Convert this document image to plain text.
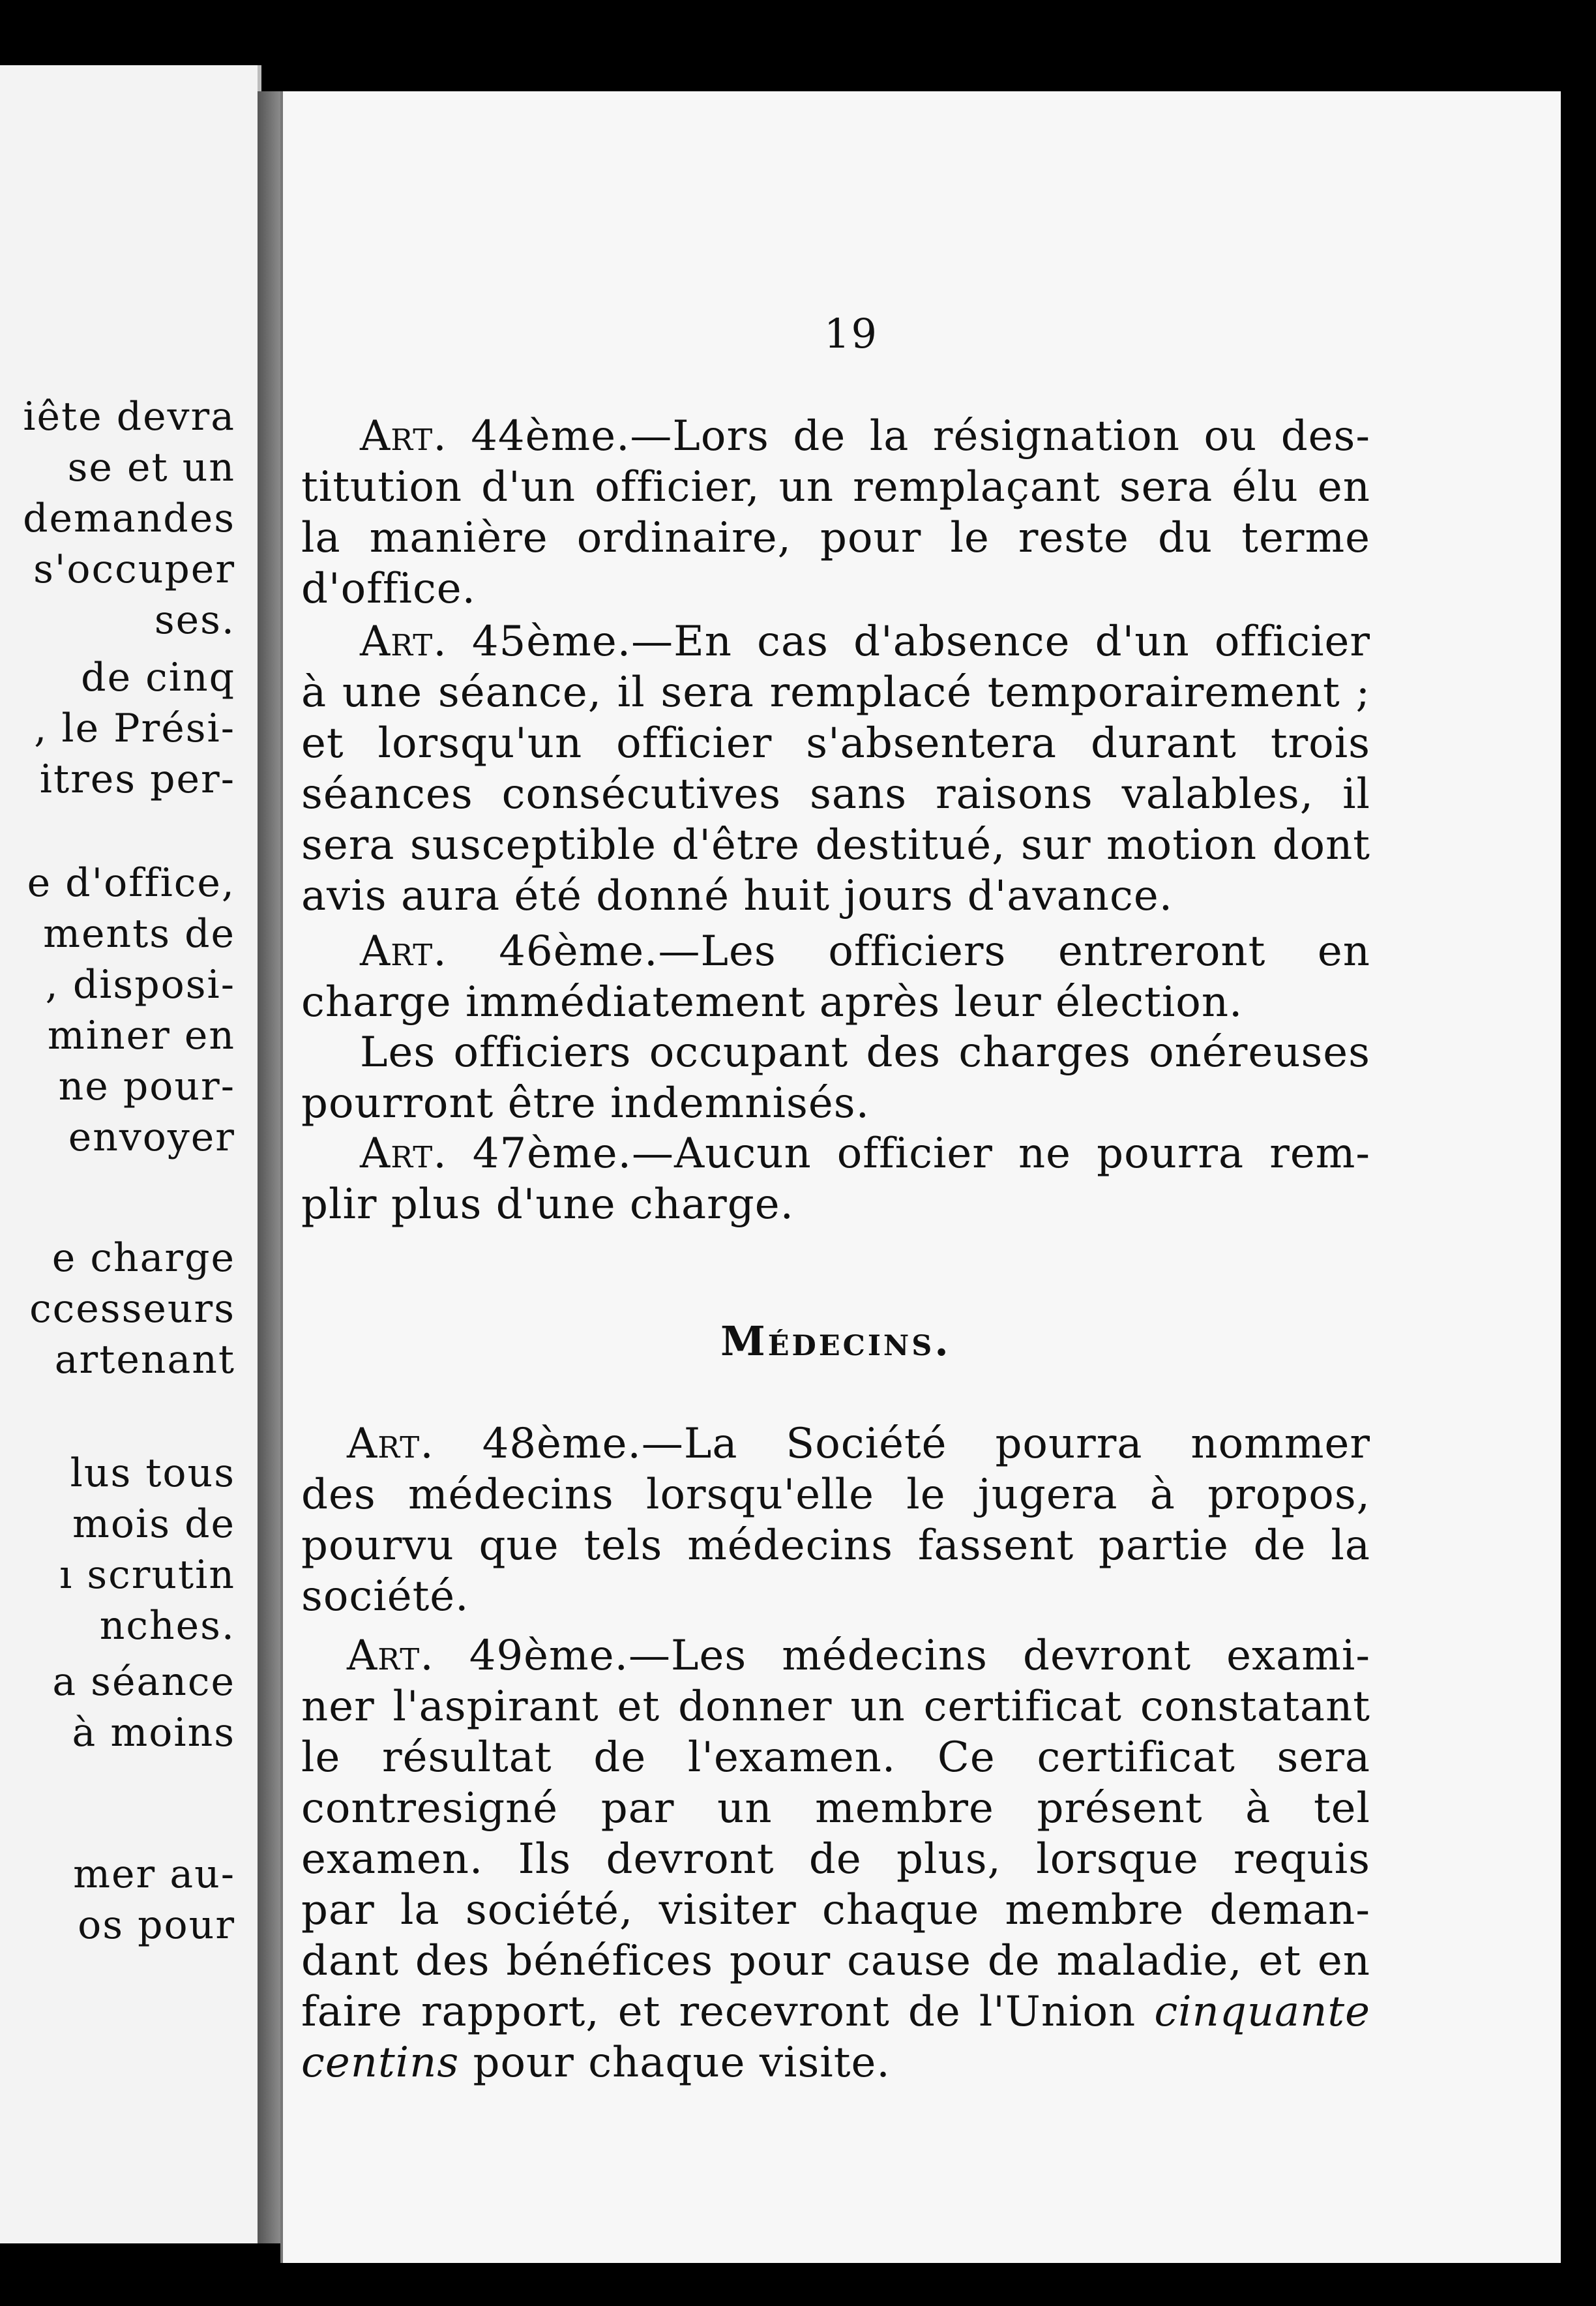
iête devra
se et un
demandes
s'occuper
ses.
de cinq
, le Prési-
itres per-
e d'office,
ments de
, disposi-
miner en
ne pour-
envoyer
e charge
ccesseurs
artenant
lus tous
mois de
ı scrutin
nches.
a séance
à moins
mer au-
os pour
19
Art. 44ème.—Lors de la résignation ou des-
titution d'un officier, un remplaçant sera élu en
la manière ordinaire, pour le reste du terme
d'office.
Art. 45ème.—En cas d'absence d'un officier
à une séance, il sera remplacé temporairement ;
et lorsqu'un officier s'absentera durant trois
séances consécutives sans raisons valables, il
sera susceptible d'être destitué, sur motion dont
avis aura été donné huit jours d'avance.
Art. 46ème.—Les officiers entreront en
charge immédiatement après leur élection.
Les officiers occupant des charges onéreuses
pourront être indemnisés.
Art. 47ème.—Aucun officier ne pourra rem-
plir plus d'une charge.
Médecins.
Art. 48ème.—La Société pourra nommer
des médecins lorsqu'elle le jugera à propos,
pourvu que tels médecins fassent partie de la
société.
Art. 49ème.—Les médecins devront exami-
ner l'aspirant et donner un certificat constatant
le résultat de l'examen. Ce certificat sera
contresigné par un membre présent à tel
examen. Ils devront de plus, lorsque requis
par la société, visiter chaque membre deman-
dant des bénéfices pour cause de maladie, et en
faire rapport, et recevront de l'Union cinquante
centins pour chaque visite.
